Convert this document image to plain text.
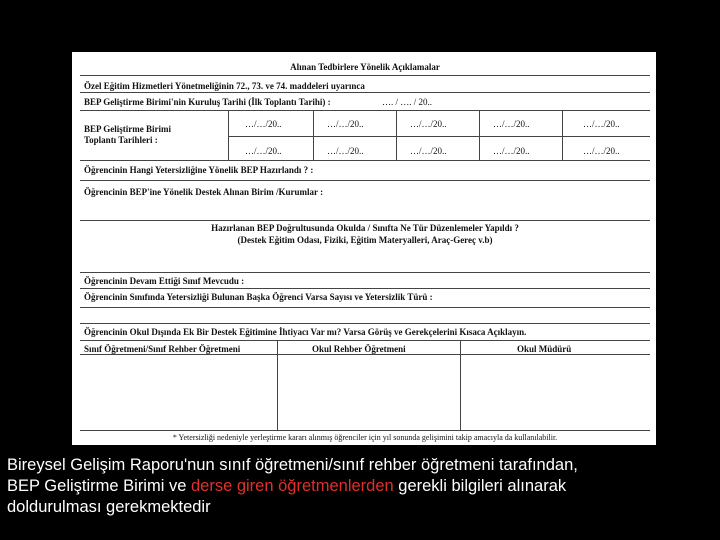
Alınan Tedbirlere Yönelik Açıklamalar
Özel Eğitim Hizmetleri Yönetmeliğinin 72., 73. ve 74. maddeleri uyarınca
BEP Geliştirme Birimi'nin Kuruluş Tarihi (İlk Toplantı Tarihi) :	…. / …. / 20..
BEP Geliştirme Birimi
Toplantı Tarihleri :
…/…/20..	…/…/20..	…/…/20..	…/…/20..	…/…/20..
…/…/20..	…/…/20..	…/…/20..	…/…/20..	…/…/20..
Öğrencinin Hangi Yetersizliğine Yönelik BEP Hazırlandı ? :
Öğrencinin BEP'ine Yönelik Destek Alınan Birim /Kurumlar :
Hazırlanan BEP Doğrultusunda Okulda / Sınıfta Ne Tür Düzenlemeler Yapıldı ?
(Destek Eğitim Odası, Fiziki, Eğitim Materyalleri, Araç-Gereç v.b)
Öğrencinin Devam Ettiği Sınıf Mevcudu :
Öğrencinin Sınıfında Yetersizliği Bulunan Başka Öğrenci Varsa Sayısı ve Yetersizlik Türü :
Öğrencinin Okul Dışında Ek Bir Destek Eğitimine İhtiyacı Var mı? Varsa Görüş ve Gerekçelerini Kısaca Açıklayın.
Sınıf Öğretmeni/Sınıf Rehber Öğretmeni	Okul Rehber Öğretmeni	Okul Müdürü
* Yetersizliği nedeniyle yerleştirme kararı alınmış öğrenciler için yıl sonunda gelişimini takip amacıyla da kullanılabilir.
Bireysel Gelişim Raporu'nun sınıf öğretmeni/sınıf rehber öğretmeni tarafından,
BEP Geliştirme Birimi ve derse giren öğretmenlerden gerekli bilgileri alınarak
doldurulması gerekmektedir
